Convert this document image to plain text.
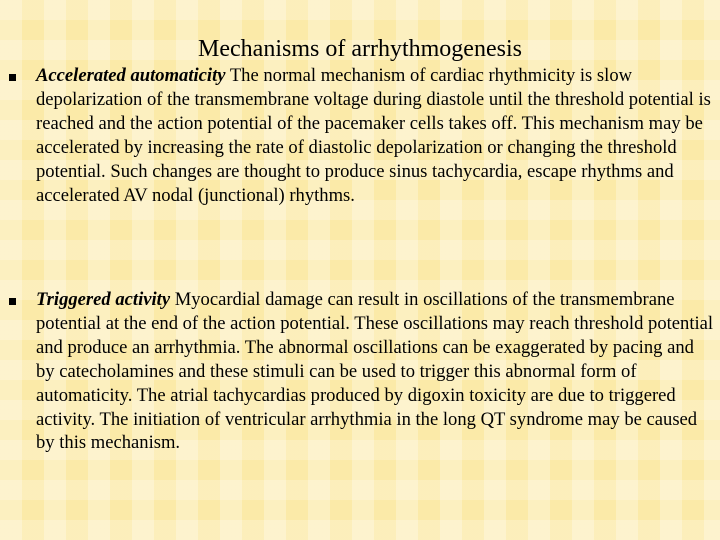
Mechanisms of arrhythmogenesis
Accelerated automaticity The normal mechanism of cardiac rhythmicity is slow depolarization of the transmembrane voltage during diastole until the threshold potential is reached and the action potential of the pacemaker cells takes off. This mechanism may be accelerated by increasing the rate of diastolic depolarization or changing the threshold potential. Such changes are thought to produce sinus tachycardia, escape rhythms and accelerated AV nodal (junctional) rhythms.
Triggered activity Myocardial damage can result in oscillations of the transmembrane potential at the end of the action potential. These oscillations may reach threshold potential and produce an arrhythmia. The abnormal oscillations can be exaggerated by pacing and by catecholamines and these stimuli can be used to trigger this abnormal form of automaticity. The atrial tachycardias produced by digoxin toxicity are due to triggered activity. The initiation of ventricular arrhythmia in the long QT syndrome may be caused by this mechanism.
